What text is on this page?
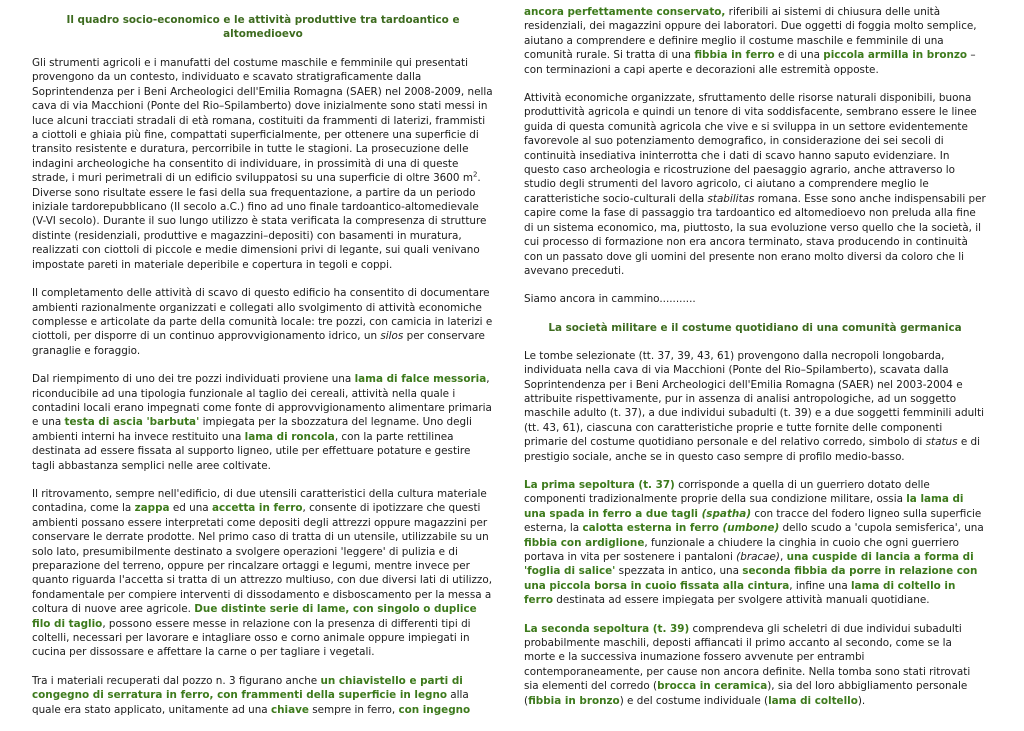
Il quadro socio-economico e le attività produttive tra tardoantico e altomedioevo

Gli strumenti agricoli e i manufatti del costume maschile e femminile qui presentati provengono da un contesto, individuato e scavato stratigraficamente dalla Soprintendenza per i Beni Archeologici dell'Emilia Romagna (SAER) nel 2008-2009, nella cava di via Macchioni (Ponte del Rio–Spilamberto) dove inizialmente sono stati messi in luce alcuni tracciati stradali di età romana, costituiti da frammenti di laterizi, frammisti a ciottoli e ghiaia più fine, compattati superficialmente, per ottenere una superficie di transito resistente e duratura, percorribile in tutte le stagioni. La prosecuzione delle indagini archeologiche ha consentito di individuare, in prossimità di una di queste strade, i muri perimetrali di un edificio sviluppatosi su una superficie di oltre 3600 $m^2$. Diverse sono risultate essere le fasi della sua frequentazione, a partire da un periodo iniziale tardorepubblicano (II secolo a.C.) fino ad uno finale tardoantico-altomedievale (V-VI secolo). Durante il suo lungo utilizzo è stata verificata la compresenza di strutture distinte (residenziali, produttive e magazzini–depositi) con basamenti in muratura, realizzati con ciottoli di piccole e medie dimensioni privi di legante, sui quali venivano impostate pareti in materiale deperibile e copertura in tegoli e coppi.

Il completamento delle attività di scavo di questo edificio ha consentito di documentare ambienti razionalmente organizzati e collegati allo svolgimento di attività economiche complesse e articolate da parte della comunità locale: tre pozzi, con camicia in laterizi e ciottoli, per disporre di un continuo approvvigionamento idrico, un silos per conservare granaglie e foraggio.

Dal riempimento di uno dei tre pozzi individuati proviene una lama di falce messoria, riconducibile ad una tipologia funzionale al taglio dei cereali, attività nella quale i contadini locali erano impegnati come fonte di approvvigionamento alimentare primaria e una testa di ascia 'barbuta' impiegata per la sbozzatura del legname. Uno degli ambienti interni ha invece restituito una lama di roncola, con la parte rettilinea destinata ad essere fissata al supporto ligneo, utile per effettuare potature e gestire tagli abbastanza semplici nelle aree coltivate.

Il ritrovamento, sempre nell'edificio, di due utensili caratteristici della cultura materiale contadina, come la zappa ed una accetta in ferro, consente di ipotizzare che questi ambienti possano essere interpretati come depositi degli attrezzi oppure magazzini per conservare le derrate prodotte. Nel primo caso di tratta di un utensile, utilizzabile su un solo lato, presumibilmente destinato a svolgere operazioni 'leggere' di pulizia e di preparazione del terreno, oppure per rincalzare ortaggi e legumi, mentre invece per quanto riguarda l'accetta si tratta di un attrezzo multiuso, con due diversi lati di utilizzo, fondamentale per compiere interventi di dissodamento e disboscamento per la messa a coltura di nuove aree agricole. Due distinte serie di lame, con singolo o duplice filo di taglio, possono essere messe in relazione con la presenza di differenti tipi di coltelli, necessari per lavorare e intagliare osso e corno animale oppure impiegati in cucina per dissossare e affettare la carne o per tagliare i vegetali.

Tra i materiali recuperati dal pozzo n. 3 figurano anche un chiavistello e parti di congegno di serratura in ferro, con frammenti della superficie in legno alla quale era stato applicato, unitamente ad una chiave sempre in ferro, con ingegno

ancora perfettamente conservato, riferibili ai sistemi di chiusura delle unità residenziali, dei magazzini oppure dei laboratori. Due oggetti di foggia molto semplice, aiutano a comprendere e definire meglio il costume maschile e femminile di una comunità rurale. Si tratta di una fibbia in ferro e di una piccola armilla in bronzo – con terminazioni a capi aperte e decorazioni alle estremità opposte.

Attività economiche organizzate, sfruttamento delle risorse naturali disponibili, buona produttività agricola e quindi un tenore di vita soddisfacente, sembrano essere le linee guida di questa comunità agricola che vive e si sviluppa in un settore evidentemente favorevole al suo potenziamento demografico, in considerazione dei sei secoli di continuità insediativa ininterrotta che i dati di scavo hanno saputo evidenziare. In questo caso archeologia e ricostruzione del paesaggio agrario, anche attraverso lo studio degli strumenti del lavoro agricolo, ci aiutano a comprendere meglio le caratteristiche socio-culturali della stabilitas romana. Esse sono anche indispensabili per capire come la fase di passaggio tra tardoantico ed altomedioevo non preluda alla fine di un sistema economico, ma, piuttosto, la sua evoluzione verso quello che la società, il cui processo di formazione non era ancora terminato, stava producendo in continuità con un passato dove gli uomini del presente non erano molto diversi da coloro che li avevano preceduti.

Siamo ancora in cammino...........

La società militare e il costume quotidiano di una comunità germanica

Le tombe selezionate (tt. 37, 39, 43, 61) provengono dalla necropoli longobarda, individuata nella cava di via Macchioni (Ponte del Rio–Spilamberto), scavata dalla Soprintendenza per i Beni Archeologici dell'Emilia Romagna (SAER) nel 2003-2004 e attribuite rispettivamente, pur in assenza di analisi antropologiche, ad un soggetto maschile adulto (t. 37), a due individui subadulti (t. 39) e a due soggetti femminili adulti (tt. 43, 61), ciascuna con caratteristiche proprie e tutte fornite delle componenti primarie del costume quotidiano personale e del relativo corredo, simbolo di status e di prestigio sociale, anche se in questo caso sempre di profilo medio-basso.

La prima sepoltura (t. 37) corrisponde a quella di un guerriero dotato delle componenti tradizionalmente proprie della sua condizione militare, ossia la lama di una spada in ferro a due tagli (spatha) con tracce del fodero ligneo sulla superficie esterna, la calotta esterna in ferro (umbone) dello scudo a 'cupola semisferica', una fibbia con ardiglione, funzionale a chiudere la cinghia in cuoio che ogni guerriero portava in vita per sostenere i pantaloni (bracae), una cuspide di lancia a forma di 'foglia di salice' spezzata in antico, una seconda fibbia da porre in relazione con una piccola borsa in cuoio fissata alla cintura, infine una lama di coltello in ferro destinata ad essere impiegata per svolgere attività manuali quotidiane.

La seconda sepoltura (t. 39) comprendeva gli scheletri di due individui subadulti probabilmente maschili, deposti affiancati il primo accanto al secondo, come se la morte e la successiva inumazione fossero avvenute per entrambi contemporaneamente, per cause non ancora definite. Nella tomba sono stati ritrovati sia elementi del corredo (brocca in ceramica), sia del loro abbigliamento personale (fibbia in bronzo) e del costume individuale (lama di coltello).
